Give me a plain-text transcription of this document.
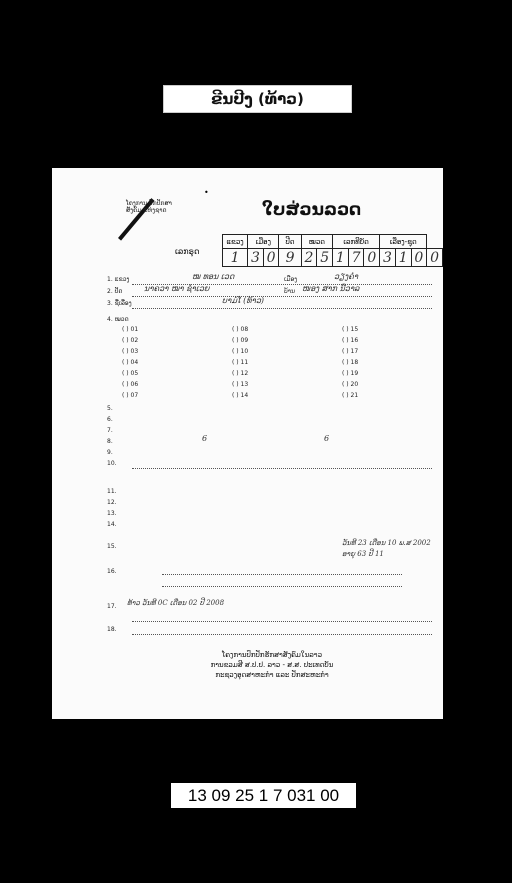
ຂີນປີງ (ທ້າວ)
ໂຄງການ ປົກປັກສາ ສັງຄົມ ແຫ່ງຊາດ
•
ໃບສ່ວນລວດ
ເລກຣຸດ
ແຂວງ	ເມືອງ		ປີດ	ໝວດ		ເລກທີບັດ			ເລືອງ-ຊຸດ			
1	3	0	9	2	5	1	7	0	3	1	0	0
1. ແຂວງ	ໝ ທອນ ເວດ	ເມືອງ	ວຽງຄຳ
2. ປັດ	ນາຄວາ ໝາ ຊຳເວຍ	ບ້ານ ໜອງ ສາກ ນີວາລ
3. ຊື່ເລື່ອງ	ບາມໍໂ (ທ້າວ)
4. ໝວດ
( ) 01	( ) 08	( ) 15
( ) 02	( ) 09	( ) 16
( ) 03	( ) 10	( ) 17
( ) 04	( ) 11	( ) 18
( ) 05	( ) 12	( ) 19
( ) 06	( ) 13	( ) 20
( ) 07	( ) 14	( ) 21
5.
6.
7.
8.	6	6
9.
10.
11.
12.
13.
14.
15.	ວັນທີ 23 ເດືອນ 10 ພ.ສ 2002
ອາຍຸ 63 ປີ 11
16.
17. ທ້າວ ວັນທີ 0C ເດືອນ 02 ປີ 2008
18.
ໂຄງການປົກປັກຮັກສາສັງຄົມໃນລາວ
ການຂວມສີ ສ.ປ.ປ. ລາວ - ສ.ສ. ປະເທດບັນ
ກະຊວງອຸດສາຫະກຳ ແລະ ປັກສະຫະກໍາ
13 09 25 1 7 031 00
